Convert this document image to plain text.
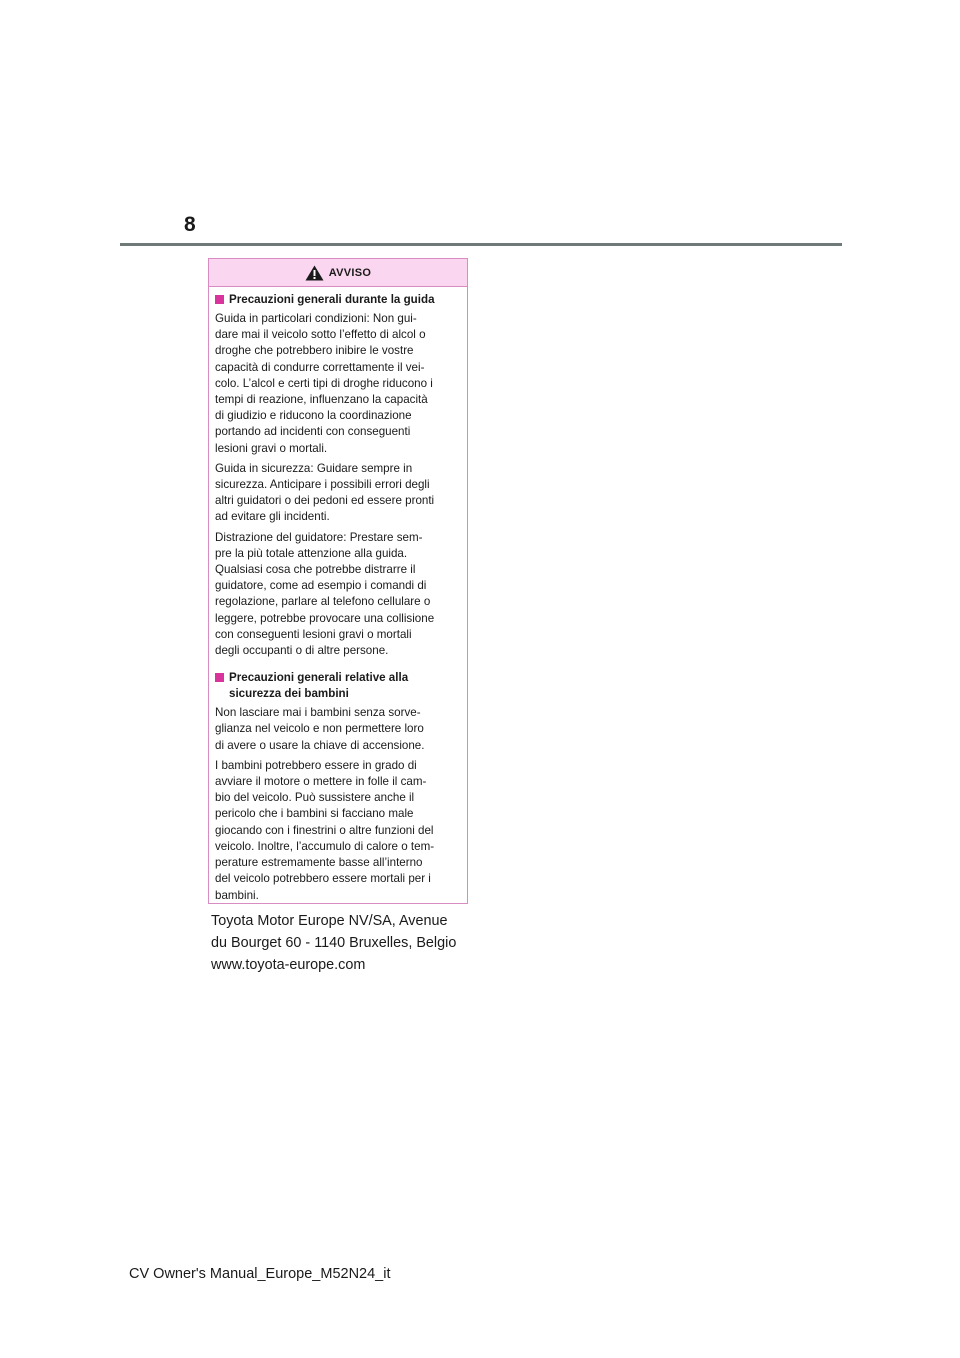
8
AVVISO
Precauzioni generali durante la guida
Guida in particolari condizioni: Non gui-
dare mai il veicolo sotto l’effetto di alcol o
droghe che potrebbero inibire le vostre
capacità di condurre correttamente il vei-
colo. L’alcol e certi tipi di droghe riducono i
tempi di reazione, influenzano la capacità
di giudizio e riducono la coordinazione
portando ad incidenti con conseguenti
lesioni gravi o mortali.
Guida in sicurezza: Guidare sempre in
sicurezza. Anticipare i possibili errori degli
altri guidatori o dei pedoni ed essere pronti
ad evitare gli incidenti.
Distrazione del guidatore: Prestare sem-
pre la più totale attenzione alla guida.
Qualsiasi cosa che potrebbe distrarre il
guidatore, come ad esempio i comandi di
regolazione, parlare al telefono cellulare o
leggere, potrebbe provocare una collisione
con conseguenti lesioni gravi o mortali
degli occupanti o di altre persone.
Precauzioni generali relative alla
sicurezza dei bambini
Non lasciare mai i bambini senza sorve-
glianza nel veicolo e non permettere loro
di avere o usare la chiave di accensione.
I bambini potrebbero essere in grado di
avviare il motore o mettere in folle il cam-
bio del veicolo. Può sussistere anche il
pericolo che i bambini si facciano male
giocando con i finestrini o altre funzioni del
veicolo. Inoltre, l’accumulo di calore o tem-
perature estremamente basse all’interno
del veicolo potrebbero essere mortali per i
bambini.
Toyota Motor Europe NV/SA, Avenue
du Bourget 60 - 1140 Bruxelles, Belgio
www.toyota-europe.com
CV Owner's Manual_Europe_M52N24_it
